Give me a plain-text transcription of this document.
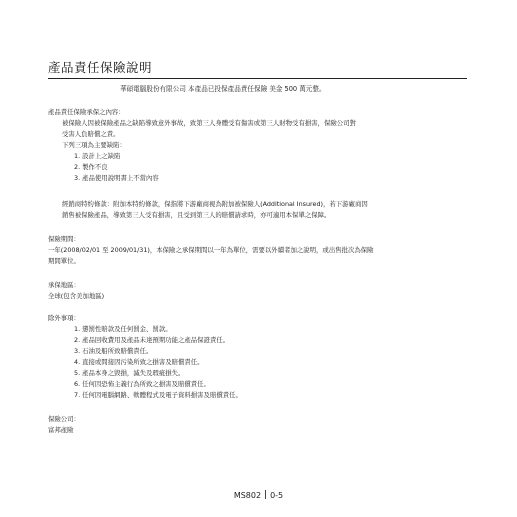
產品責任保險說明
華碩電腦股份有限公司 本產品已投保產品責任保險 美金 500 萬元整。
產品責任保險承保之內容：
被保險人因被保險產品之缺陷導致意外事故，致第三人身體受有傷害或第三人財物受有損害，保險公司對
受害人負賠償之責。
下列三項為主要缺陷：
1. 設計上之缺陷
2. 製作不良
3. 產品使用說明書上不當內容
經銷商特約條款：附加本特約條款，保指將下游廠商視為附加被保險人(Additional Insured)，若下游廠商因
銷售被保險產品，導致第三人受有損害，且受到第三人的賠償請求時，亦可適用本保單之保障。
保險期間：
一年(2008/02/01 至 2009/01/31)，本保險之承保期間以一年為單位，需要以外續者加之說明，或出售批次為保險
期間單位。
承保地區：
全球(包含美加地區)
除外事項：
1. 懲罰性賠款及任何罰金、罰款。
2. 產品回收費用及產品未達預期功能之產品保證責任。
3. 石油及船所致賠償責任。
4. 直接或間接因污染所致之損害及賠償責任。
5. 產品本身之毀損，滅失及瑕疵損失。
6. 任何因恐怖主義行為所致之損害及賠償責任。
7. 任何因電腦網路、軟體程式及電子資料損害及賠償責任。
保險公司：
富邦產險
MS802 0-5
